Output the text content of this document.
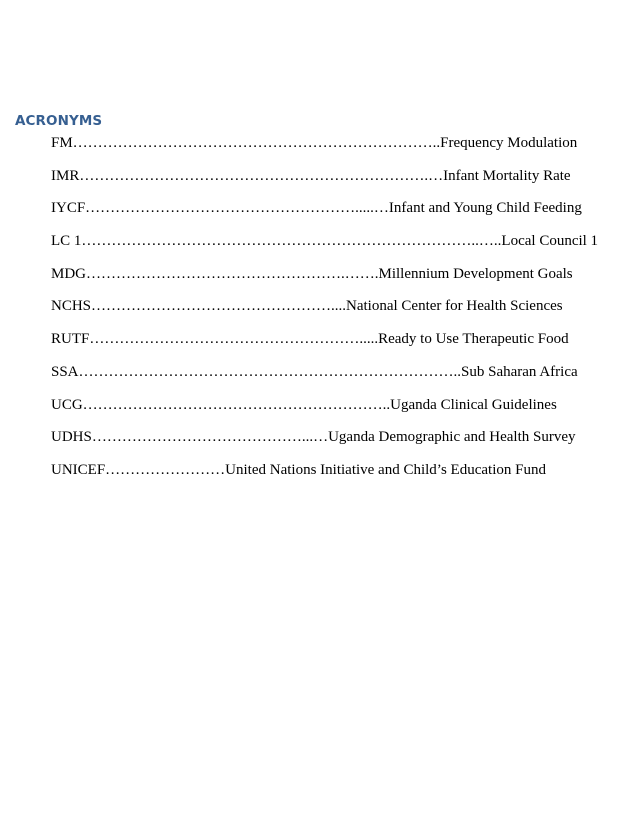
ACRONYMS
FM………………………………………………………………..Frequency Modulation
IMR…………………………………………………………….…Infant Mortality Rate
IYCF……………………………………………….....…Infant and Young Child Feeding
LC 1……………………………………………………………………..…..Local Council 1
MDG…………………………………………….…….Millennium Development Goals
NCHS…………………………………………....National Center for Health Sciences
RUTF……………………………………………….....Ready to Use Therapeutic Food
SSA…………………………………………………………………..Sub Saharan Africa
UCG……………………………………………………..Uganda Clinical Guidelines
UDHS……………………………………...…Uganda Demographic and Health Survey
UNICEF……………………United Nations Initiative and Child’s Education Fund
